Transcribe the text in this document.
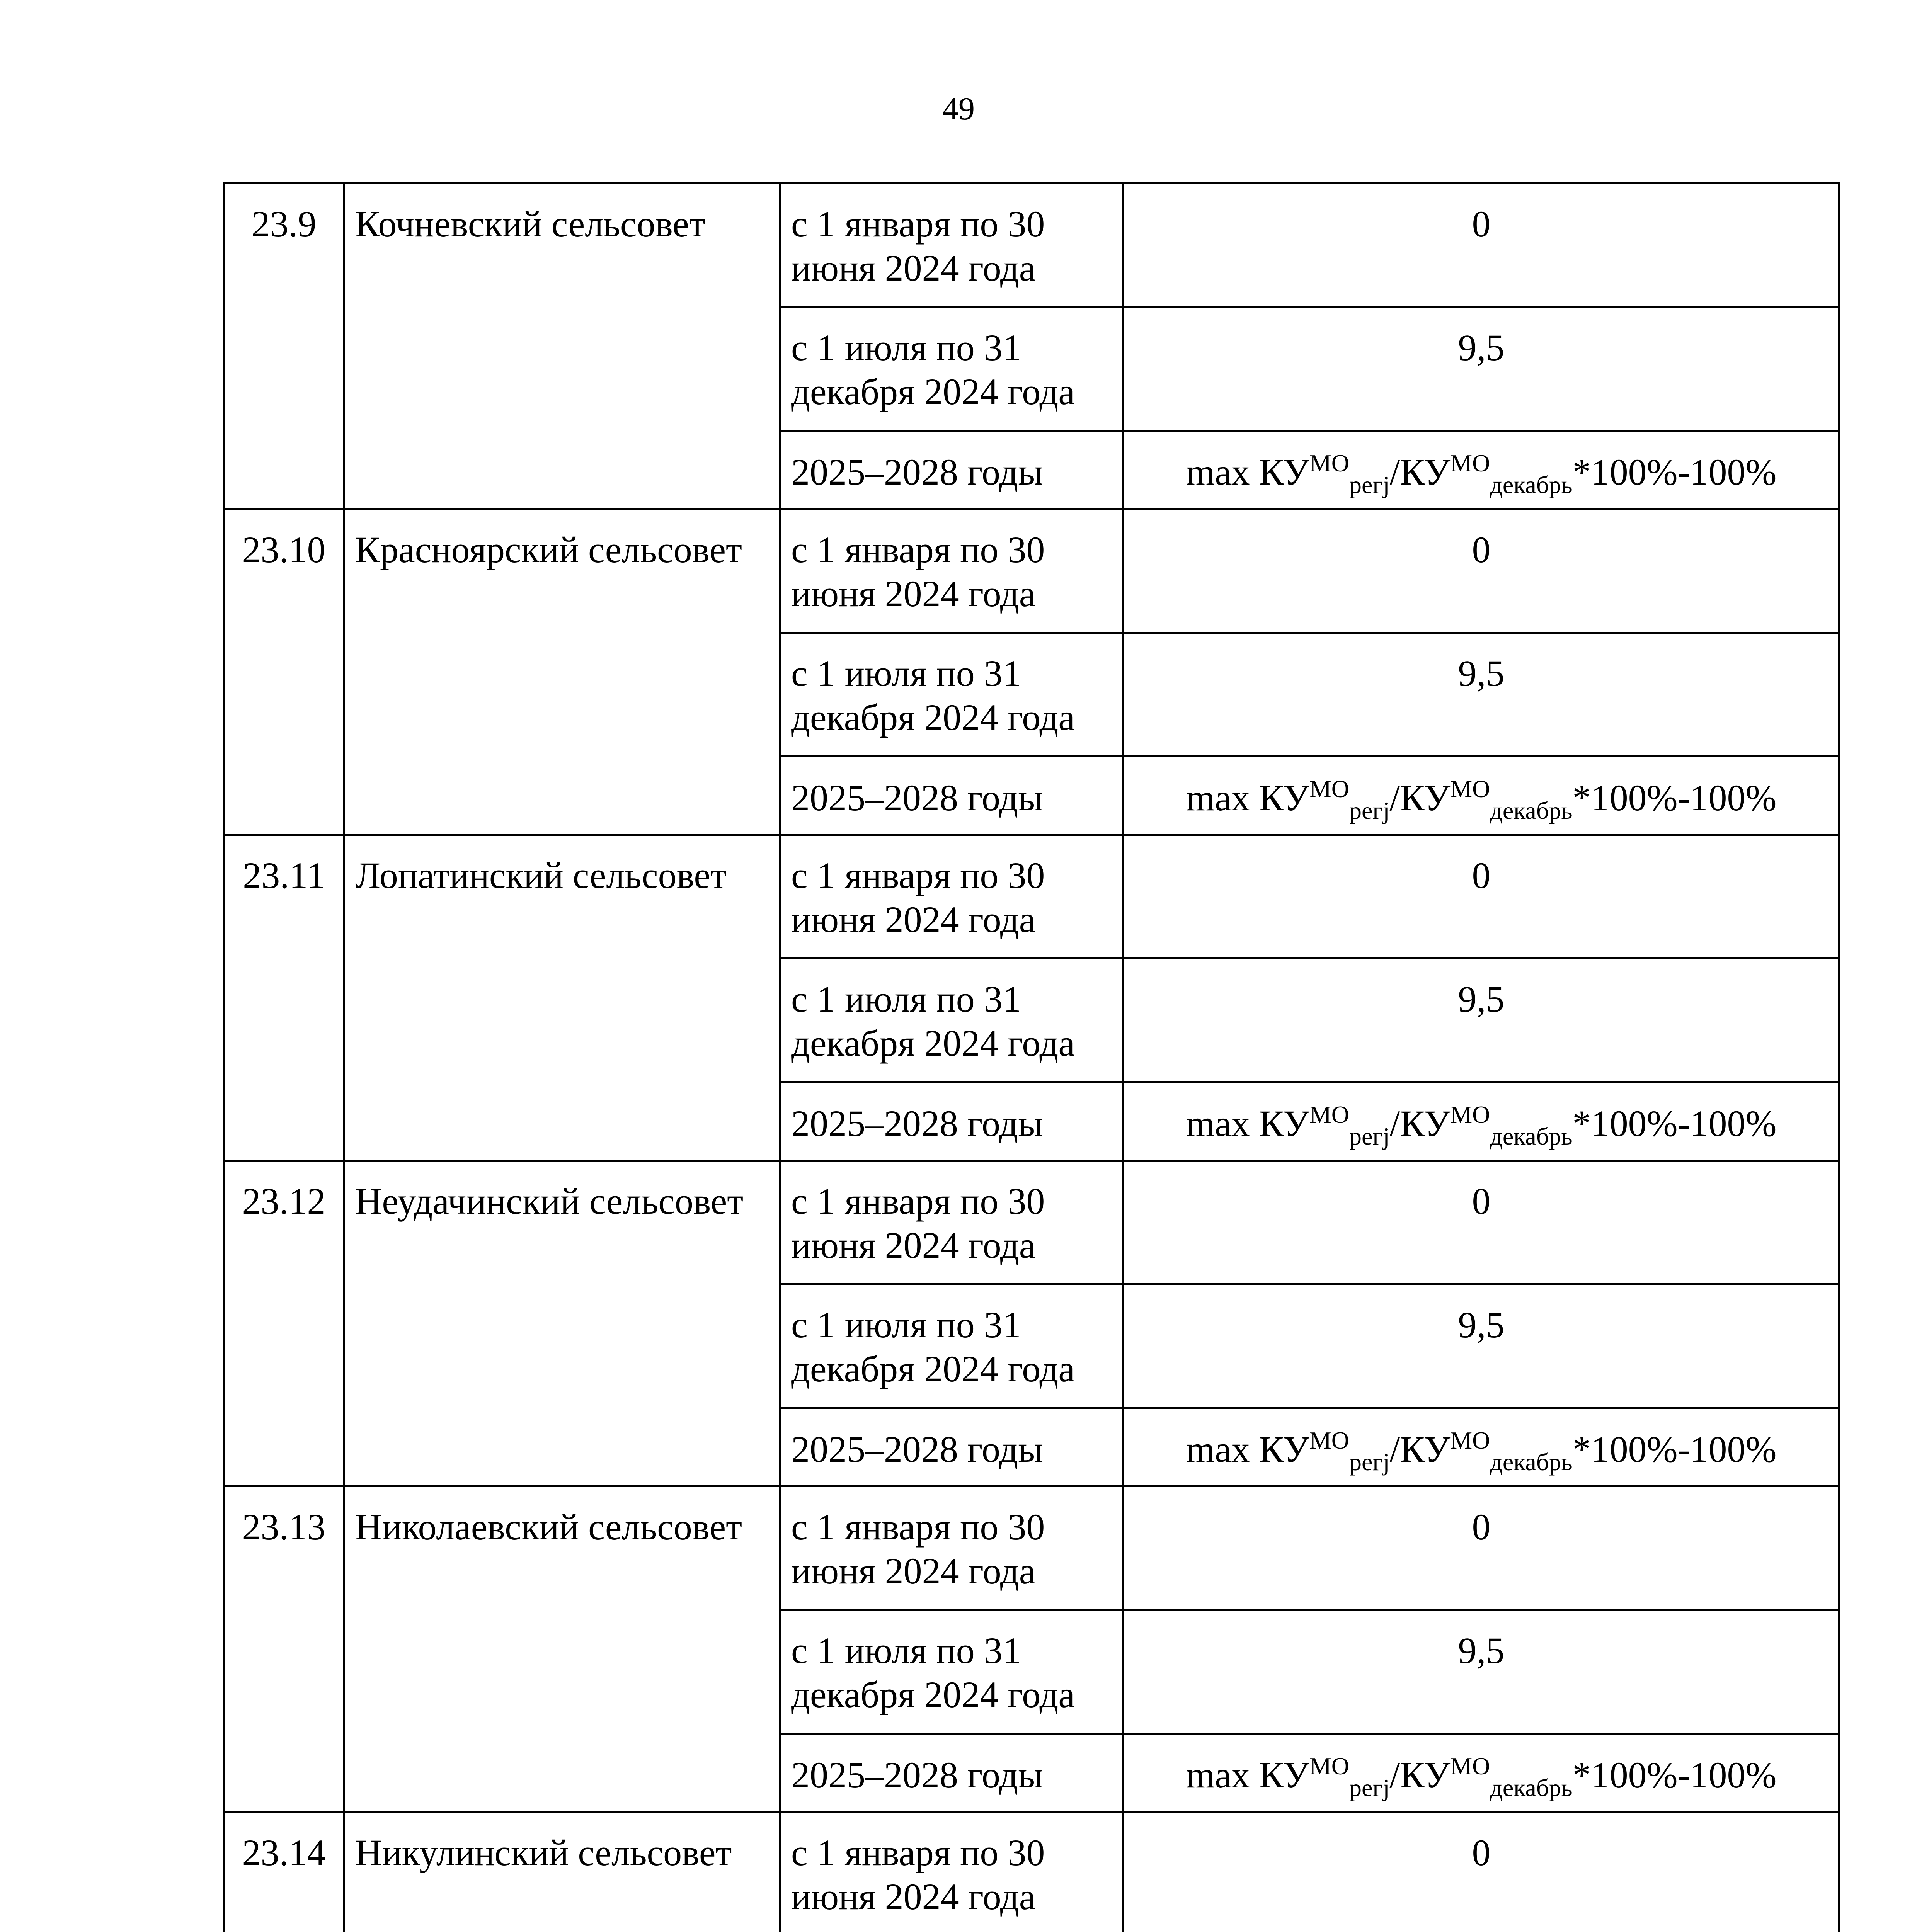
49
23.9	Кочневский сельсовет	с 1 января по 30 июня 2024 года	0
		с 1 июля по 31 декабря 2024 года	9,5
		2025–2028 годы	$\max КУ^{МО}_{регj}/КУ^{МО}_{декабрь}*100\%-100\%$
23.10	Красноярский сельсовет	с 1 января по 30 июня 2024 года	0
		с 1 июля по 31 декабря 2024 года	9,5
		2025–2028 годы	$\max КУ^{МО}_{регj}/КУ^{МО}_{декабрь}*100\%-100\%$
23.11	Лопатинский сельсовет	с 1 января по 30 июня 2024 года	0
		с 1 июля по 31 декабря 2024 года	9,5
		2025–2028 годы	$\max КУ^{МО}_{регj}/КУ^{МО}_{декабрь}*100\%-100\%$
23.12	Неудачинский сельсовет	с 1 января по 30 июня 2024 года	0
		с 1 июля по 31 декабря 2024 года	9,5
		2025–2028 годы	$\max КУ^{МО}_{регj}/КУ^{МО}_{декабрь}*100\%-100\%$
23.13	Николаевский сельсовет	с 1 января по 30 июня 2024 года	0
		с 1 июля по 31 декабря 2024 года	9,5
		2025–2028 годы	$\max КУ^{МО}_{регj}/КУ^{МО}_{декабрь}*100\%-100\%$
23.14	Никулинский сельсовет	с 1 января по 30 июня 2024 года	0
